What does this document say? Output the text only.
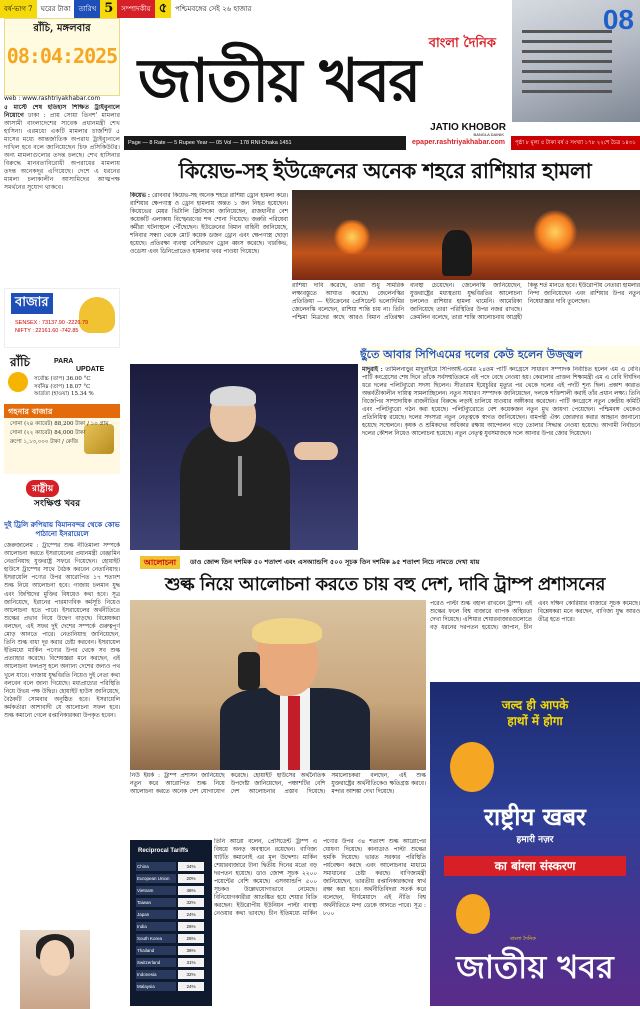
বর্ষ-ভাগ 7	ঘরের টাকা	তারিখ 5	সম্পাদকীয় ৫	পশ্চিমবঙ্গের সেই ২৬ হাজার
রাঁচি, মঙ্গলবার
08:04:2025
web : www.rashtriyakhabar.com
৫ মাস্টে শেষ হতিহাস শিক্ষিত ট্রাইবুনালে নিয়োগে ঢাকা : প্রায় সোয়া তিনশ' মামলার আসামী বাংলাদেশের সাবেক প্রধানমন্ত্রী শেখ হাসিনা। এরমধ্যে একটি মামলার চার্জশিট ৫ মাসের মধ্যে আন্তর্জাতিক অপরাধ ট্রাইব্যুনালে দাখিল হবে বলে জানিয়েছেন চিফ প্রসিকিউটর। অন্য মামলাগুলোর তদন্ত চলছে। শেখ হাসিনার বিরুদ্ধে মানবতাবিরোধী অপরাধের মামলায় তদন্ত অনেকদূর এগিয়েছে। দেশে এ ধরনের মামলা চলাকালীন আসামিদের আত্মপক্ষ সমর্থনের সুযোগ থাকবে।
বাংলা দৈনিক
জাতীয় খবর
JATIO KHOBOR
BANGLA DAINIK
08
Page — 8 Rate — 5 Rupee Year — 05 Vol — 178 RNI-Dhaka 1451	epaper.rashtriyakhabar.com	পৃষ্ঠা ৮ মূল্য ৫ টাকা বর্ষ ৫ সংখ্যা ১৭৮ ২২শে চৈত্র ১৪৩১
কিয়েভ-সহ ইউক্রেনের অনেক শহরে রাশিয়ার হামলা
কিয়েভ : রোববার কিয়েভ-সহ অনেক শহরে রাশিয়া ড্রোন হামলা করে। রাশিয়ার ক্ষেপণাস্ত্র ও ড্রোন হামলায় অন্তত ১ জন নিহত হয়েছেন। কিয়েভের মেয়র ভিটালি ক্লিটসকো জানিয়েছেন, রাজধানীর বেশ কয়েকটি এলাকায় বিস্ফোরণের শব্দ শোনা গিয়েছে। জরুরি পরিষেবা কর্মীরা ঘটনাস্থলে পৌঁছেছেন। ইউক্রেনের বিমান বাহিনী জানিয়েছে, শনিবার সন্ধ্যা থেকে মোট কয়েক ডজন ড্রোন এবং ক্ষেপণাস্ত্র ছোড়া হয়েছে। প্রতিরক্ষা ব্যবস্থা বেশিরভাগ ড্রোন ধ্বংস করেছে। খারকিভ, ওডেসা এবং ডিনিপ্রোতেও হামলার খবর পাওয়া গিয়েছে।
রাশিয়া দাবি করেছে, তারা শুধু সামরিক লক্ষ্যবস্তুতে আঘাত করেছে। জেলেনস্কির প্রতিক্রিয়া — ইউক্রেনের প্রেসিডেন্ট ভলোদিমির জেলেনস্কি বলেছেন, রাশিয়া শান্তি চায় না। তিনি পশ্চিমা মিত্রদের কাছে আরও বিমান প্রতিরক্ষা ব্যবস্থা চেয়েছেন। জেলেনস্কি জানিয়েছেন, যুক্তরাষ্ট্রের মধ্যস্থতায় যুদ্ধবিরতির আলোচনা চললেও রাশিয়ার হামলা থামেনি। আমেরিকা জানিয়েছে তারা পরিস্থিতির উপর নজর রাখছে। ক্রেমলিন বলেছে, তারা শান্তি আলোচনায় আগ্রহী কিন্তু শর্ত মানতে হবে। ইউরোপীয় নেতারা হামলার নিন্দা জানিয়েছেন এবং রাশিয়ার উপর নতুন নিষেধাজ্ঞার দাবি তুলেছেন।
বাজার
SENSEX : 73137.90 -2226.79
NIFTY : 22161.60 -742.85
রাঁচি	PARA
UPDATE
সর্বোচ্চ (তাপ) 36.00 °C
সর্বনিম্ন (তাপ) 18.07 °C
আর্দ্রতা (হাওয়া) 15.34 %
গহনার বাজার
সোনা (২৪ ক্যারেট) 88,200 টাকা / ১০ গ্রাম
সোনা (২২ ক্যারেট) 84,000 টাকা
রুপো ১,১৩,০০০ টাকা / কেজি
রাষ্ট্রীয়
সংক্ষিপ্ত খবর
দুই ট্রিলি রুপিয়ায় বিমানবন্দর থেকে কোভ পাঠানো ইসরায়েলে
জেরুজালেম : ট্রাম্পের শুল্ক নীতিমালা সম্পর্কে আলোচনা করতে ইসরায়েলের প্রধানমন্ত্রী বেঞ্জামিন নেতানিয়াহু যুক্তরাষ্ট্র সফরে গিয়েছেন। হোয়াইট হাউসে ট্রাম্পের সাথে বৈঠক করবেন নেতানিয়াহু। ইসরায়েলি পণ্যের উপর আরোপিত ১৭ শতাংশ শুল্ক নিয়ে আলোচনা হবে। গাজায় চলমান যুদ্ধ এবং জিম্মিদের মুক্তির বিষয়েও কথা হবে। সূত্র জানিয়েছে, ইরানের পারমাণবিক কর্মসূচি নিয়েও আলোচনা হতে পারে। ইসরায়েলের অর্থনীতিতে শুল্কের প্রভাব নিয়ে উদ্বেগ বাড়ছে। বিশ্লেষকরা বলছেন, এই সফর দুই দেশের সম্পর্কে গুরুত্বপূর্ণ মোড় আনতে পারে। নেতানিয়াহু জানিয়েছেন, তিনি শুল্ক বাধা দূর করার চেষ্টা করবেন। ইসরায়েল ইতিমধ্যে মার্কিন পণ্যের উপর থেকে সব শুল্ক প্রত্যাহার করেছে। বিশেষজ্ঞরা মনে করছেন, এই আলোচনা ফলপ্রসূ হলে অন্যান্য দেশের জন্যও পথ খুলে যাবে। গাজায় যুদ্ধবিরতি নিয়েও দুই নেতা কথা বলবেন বলে জানা গিয়েছে। মধ্যপ্রাচ্যের পরিস্থিতি নিয়ে উভয় পক্ষ উদ্বিগ্ন। হোয়াইট হাউস জানিয়েছে, বৈঠকটি সোমবার অনুষ্ঠিত হবে। ইসরায়েলি কর্মকর্তারা আশাবাদী যে আলোচনা সফল হবে। শুল্ক কমানো গেলে রপ্তানিকারকরা উপকৃত হবেন।
ছুঁতে আবার সিপিএমের দলের কেউ হলেন উজ্জ্বল
মাদুরাই : তামিলনাড়ুর মাদুরাইয়ে সিপিআই-এমের ২৪তম পার্টি কংগ্রেসে সাধারণ সম্পাদক নির্বাচিত হলেন এম এ বেবি। পার্টি কংগ্রেসের শেষ দিনে তাঁকে সর্বসম্মতিক্রমে এই পদে বেছে নেওয়া হয়। কেরালার প্রাক্তন শিক্ষামন্ত্রী এম এ বেবি দীর্ঘদিন ধরে দলের পলিটব্যুরো সদস্য ছিলেন। সীতারাম ইয়েচুরির মৃত্যুর পর থেকে দলের এই পদটি শূন্য ছিল। প্রকাশ কারাত অন্তর্বর্তীকালীন দায়িত্ব সামলাচ্ছিলেন। নতুন সাধারণ সম্পাদক জানিয়েছেন, দলকে শক্তিশালী করাই তাঁর প্রধান লক্ষ্য। তিনি বিজেপির সাম্প্রদায়িক রাজনীতির বিরুদ্ধে লড়াই চালিয়ে যাওয়ার অঙ্গীকার করেছেন। পার্টি কংগ্রেসে নতুন কেন্দ্রীয় কমিটি এবং পলিটব্যুরো গঠন করা হয়েছে। পলিটব্যুরোতে বেশ কয়েকজন নতুন মুখ জায়গা পেয়েছেন। পশ্চিমবঙ্গ থেকেও প্রতিনিধিত্ব রয়েছে। দলের সদস্যরা নতুন নেতৃত্বকে স্বাগত জানিয়েছেন। বামপন্থী ঐক্য জোরদার করার আহ্বান জানানো হয়েছে সম্মেলনে। কৃষক ও শ্রমিকদের অধিকার রক্ষায় আন্দোলন গড়ে তোলার সিদ্ধান্ত নেওয়া হয়েছে। আগামী নির্বাচনে দলের কৌশল নিয়েও আলোচনা হয়েছে। নতুন নেতৃত্ব যুবসমাজকে দলে আনার উপর জোর দিয়েছেন।
আলোচনা	ডাও জোন্স তিন দশমিক ৫০ শতাংশ এবং এসঅ্যান্ডপি ৫০০ সূচক তিন দশমিক ৯৫ শতাংশ নিচে নামতে দেখা যায়
শুল্ক নিয়ে আলোচনা করতে চায় বহু দেশ, দাবি ট্রাম্প প্রশাসনের
পরেও পাল্টা শুল্ক বহাল রাখবেন ট্রাম্প। এই শুল্কের ফলে বিশ্ব বাজারে ব্যাপক অস্থিরতা দেখা দিয়েছে। এশিয়ার শেয়ারবাজারগুলোতে বড় ধরনের দরপতন হয়েছে। জাপান, চীন এবং দক্ষিণ কোরিয়ার বাজারে সূচক কমেছে। বিশ্লেষকরা মনে করছেন, বাণিজ্য যুদ্ধ আরও তীব্র হতে পারে।
নিউ ইয়র্ক : ট্রাম্প প্রশাসন জানিয়েছে নতুন করে আরোপিত শুল্ক নিয়ে আলোচনা করতে অনেক দেশ যোগাযোগ করেছে। হোয়াইট হাউসের অর্থনৈতিক উপদেষ্টা জানিয়েছেন, পঞ্চাশটির বেশি দেশ আলোচনার প্রস্তাব দিয়েছে। সমালোচকরা বলছেন, এই শুল্ক যুক্তরাষ্ট্রের অর্থনীতিকেও ক্ষতিগ্রস্ত করবে। মন্দার আশঙ্কা দেখা দিয়েছে।
তিনি আরো বলেন, প্রেসিডেন্ট ট্রাম্প এ বিষয়ে অনড় অবস্থানে রয়েছেন। বাণিজ্য ঘাটতি কমানোই এর মূল উদ্দেশ্য। মার্কিন শেয়ারবাজারে টানা দ্বিতীয় দিনের মতো বড় দরপতন হয়েছে। ডাও জোন্স সূচক ২২০০ পয়েন্টের বেশি কমেছে। এসঅ্যান্ডপি ৫০০ সূচকও উল্লেখযোগ্যভাবে নেমেছে। বিনিয়োগকারীরা আতঙ্কিত হয়ে শেয়ার বিক্রি করছেন। ইউরোপীয় ইউনিয়ন পাল্টা ব্যবস্থা নেওয়ার কথা ভাবছে। চীন ইতিমধ্যে মার্কিন পণ্যের উপর ৩৪ শতাংশ শুল্ক আরোপের ঘোষণা দিয়েছে। কানাডাও পাল্টা শুল্কের হুমকি দিয়েছে। ভারত সরকার পরিস্থিতি পর্যবেক্ষণ করছে এবং আলোচনার মাধ্যমে সমাধানের চেষ্টা করছে। বাণিজ্যমন্ত্রী জানিয়েছেন, ভারতীয় রপ্তানিকারকদের স্বার্থ রক্ষা করা হবে। অর্থনীতিবিদরা সতর্ক করে বলেছেন, দীর্ঘমেয়াদে এই নীতি বিশ্ব অর্থনীতিতে মন্দা ডেকে আনতে পারে। সূত্র : ৮০০
Reciprocal Tariffs
China	34%
European Union	20%
Vietnam	46%
Taiwan	32%
Japan	24%
India	26%
South Korea	25%
Thailand	36%
Switzerland	31%
Indonesia	32%
Malaysia	24%
जल्द ही आपके
हाथों में होगा
राष्ट्रीय खबर
हमारी नज़र
का बांग्ला संस्करण
বাংলা দৈনিক
জাতীয় খবর
